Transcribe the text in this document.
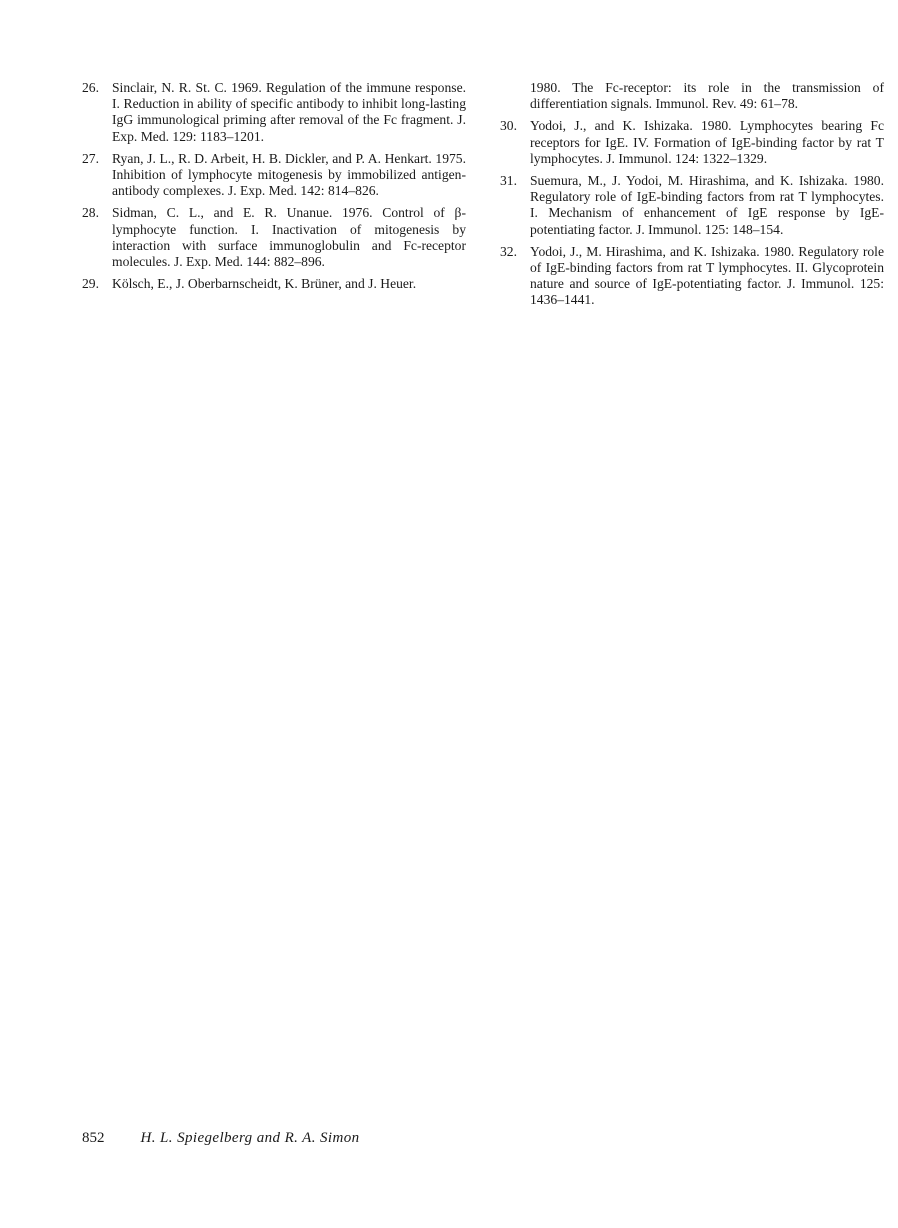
26. Sinclair, N. R. St. C. 1969. Regulation of the immune response. I. Reduction in ability of specific antibody to inhibit long-lasting IgG immunological priming after removal of the Fc fragment. J. Exp. Med. 129: 1183–1201.
27. Ryan, J. L., R. D. Arbeit, H. B. Dickler, and P. A. Henkart. 1975. Inhibition of lymphocyte mitogenesis by immobilized antigen-antibody complexes. J. Exp. Med. 142: 814–826.
28. Sidman, C. L., and E. R. Unanue. 1976. Control of β-lymphocyte function. I. Inactivation of mitogenesis by interaction with surface immunoglobulin and Fc-receptor molecules. J. Exp. Med. 144: 882–896.
29. Kölsch, E., J. Oberbarnscheidt, K. Brüner, and J. Heuer.
1980. The Fc-receptor: its role in the transmission of differentiation signals. Immunol. Rev. 49: 61–78.
30. Yodoi, J., and K. Ishizaka. 1980. Lymphocytes bearing Fc receptors for IgE. IV. Formation of IgE-binding factor by rat T lymphocytes. J. Immunol. 124: 1322–1329.
31. Suemura, M., J. Yodoi, M. Hirashima, and K. Ishizaka. 1980. Regulatory role of IgE-binding factors from rat T lymphocytes. I. Mechanism of enhancement of IgE response by IgE-potentiating factor. J. Immunol. 125: 148–154.
32. Yodoi, J., M. Hirashima, and K. Ishizaka. 1980. Regulatory role of IgE-binding factors from rat T lymphocytes. II. Glycoprotein nature and source of IgE-potentiating factor. J. Immunol. 125: 1436–1441.
852 H. L. Spiegelberg and R. A. Simon
